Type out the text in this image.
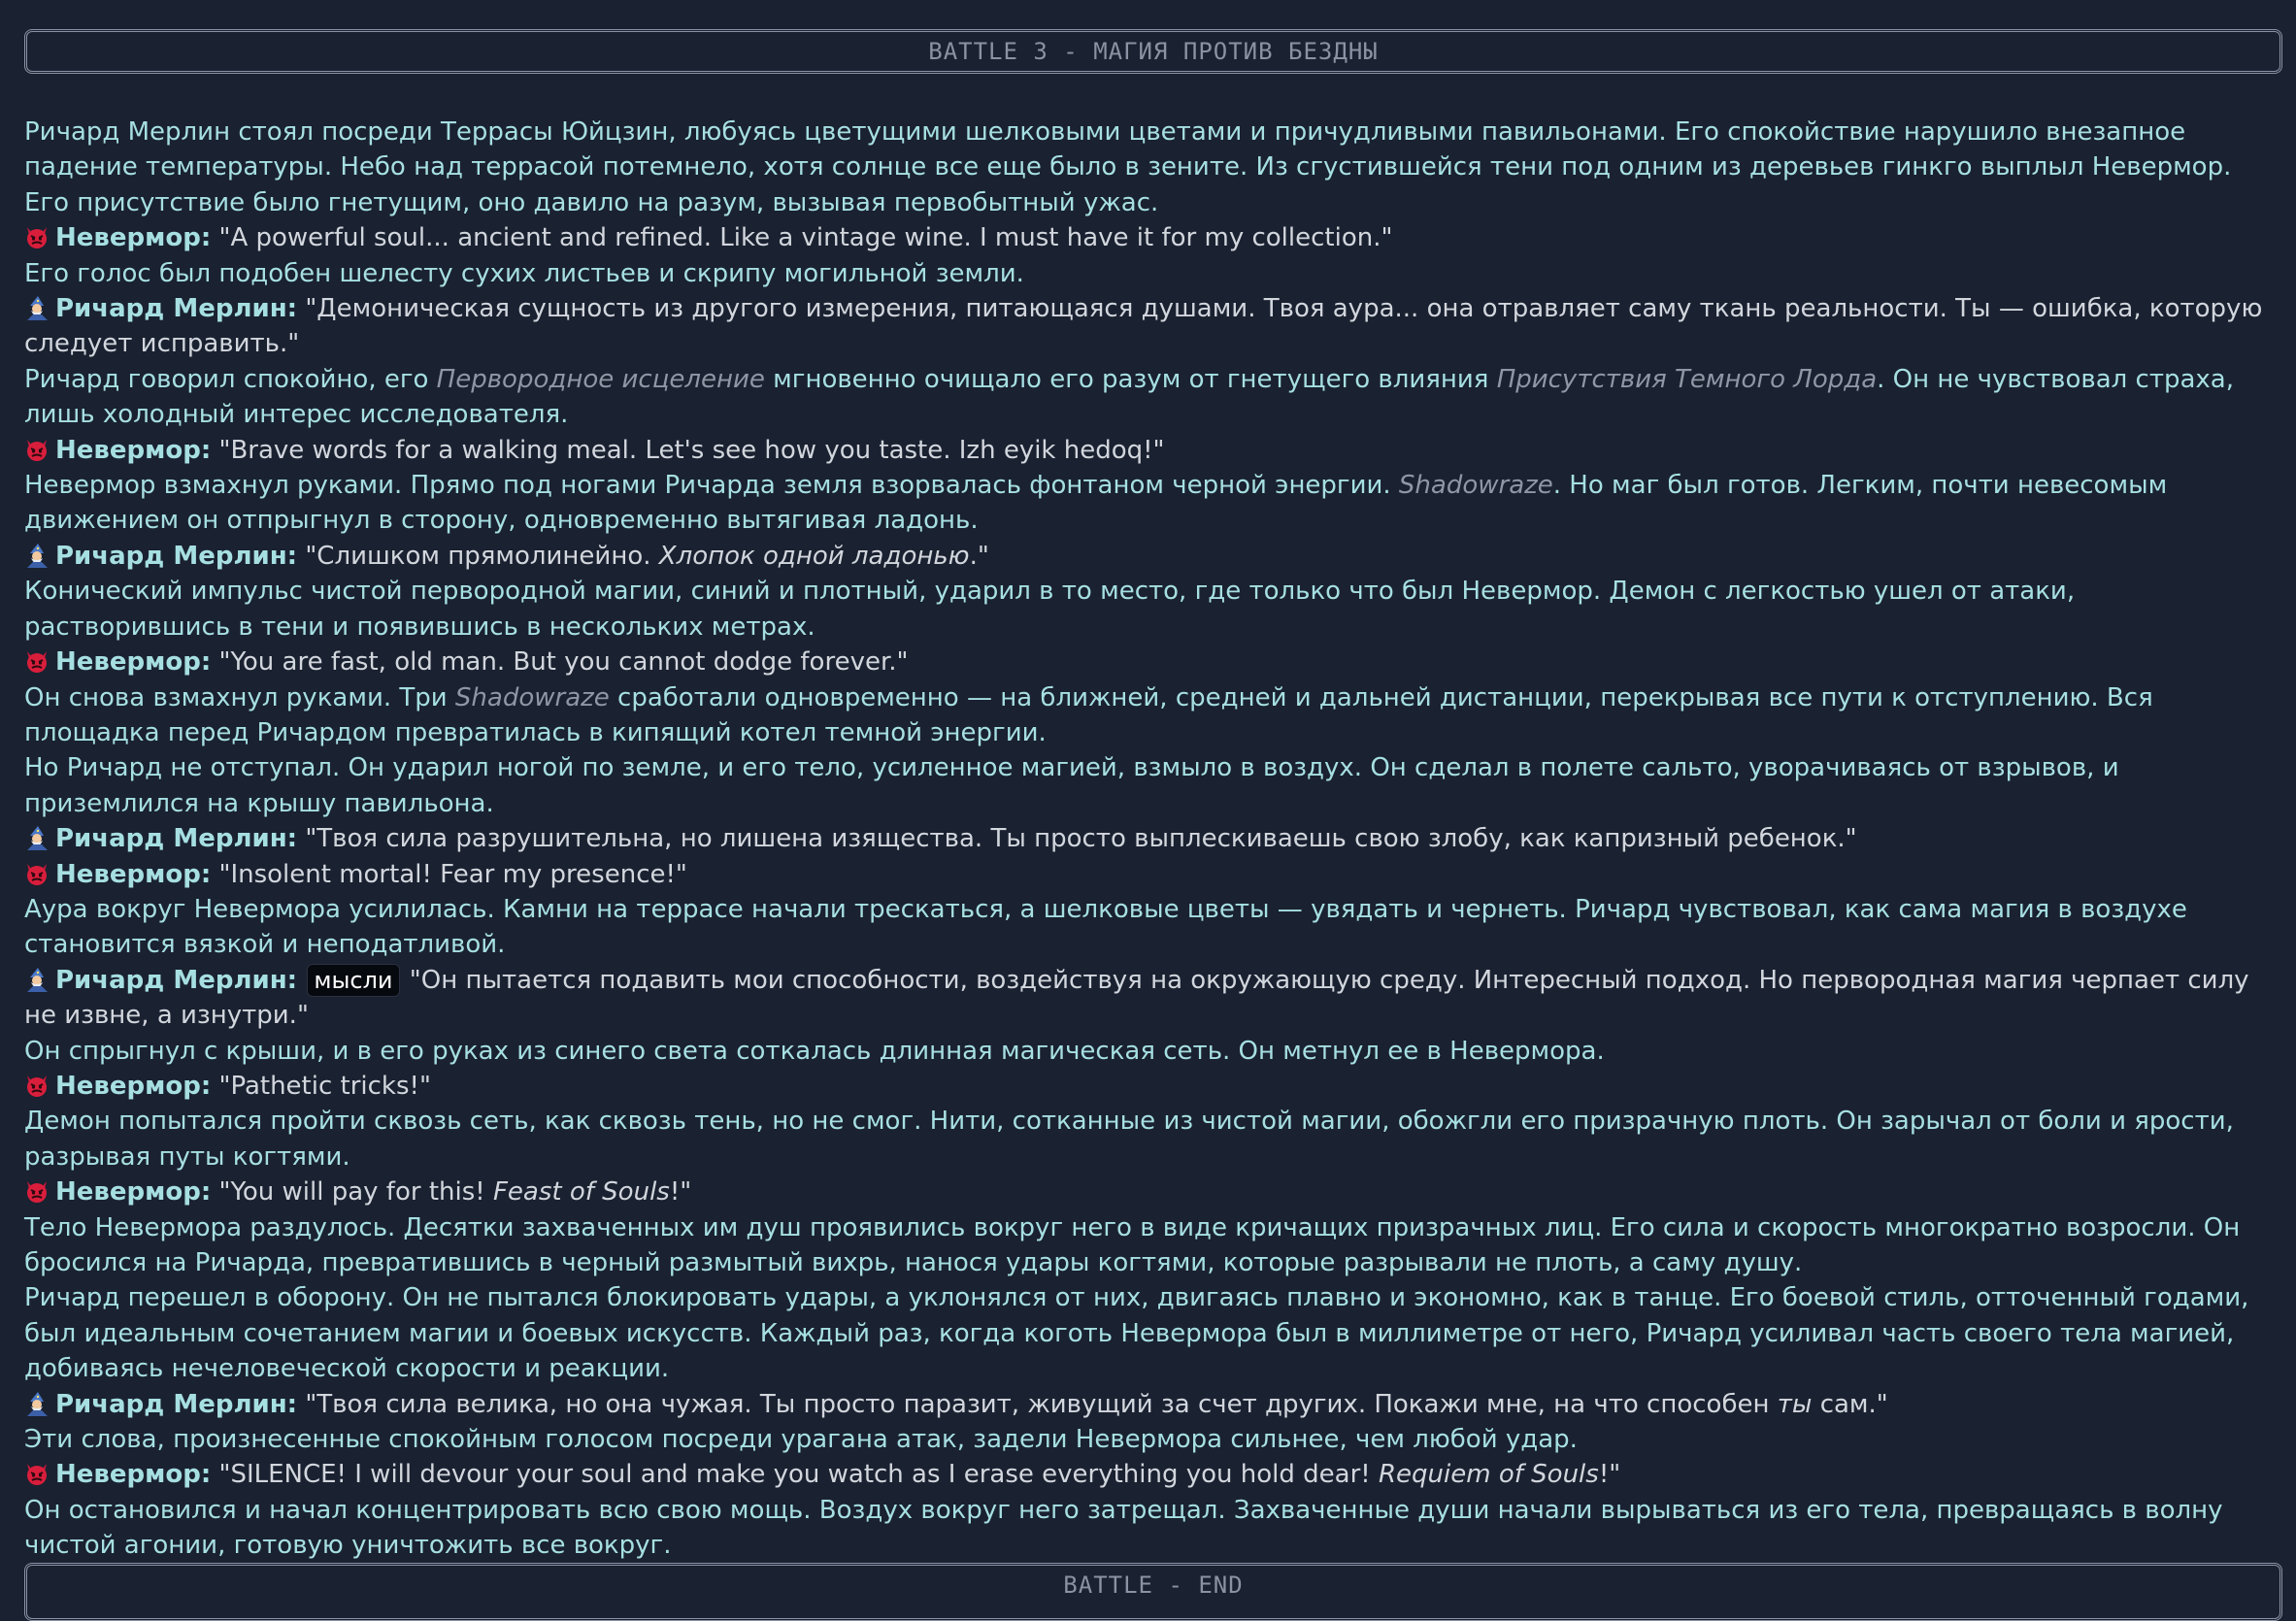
BATTLE 3 - МАГИЯ ПРОТИВ БЕЗДНЫ

Ричард Мерлин стоял посреди Террасы Юйцзин, любуясь цветущими шелковыми цветами и причудливыми павильонами. Его спокойствие нарушило внезапное падение температуры. Небо над террасой потемнело, хотя солнце все еще было в зените. Из сгустившейся тени под одним из деревьев гинкго выплыл Невермор. Его присутствие было гнетущим, оно давило на разум, вызывая первобытный ужас.

Невермор: "A powerful soul... ancient and refined. Like a vintage wine. I must have it for my collection."

Его голос был подобен шелесту сухих листьев и скрипу могильной земли.

Ричард Мерлин: "Демоническая сущность из другого измерения, питающаяся душами. Твоя аура... она отравляет саму ткань реальности. Ты — ошибка, которую следует исправить."

Ричард говорил спокойно, его Первородное исцеление мгновенно очищало его разум от гнетущего влияния Присутствия Темного Лорда. Он не чувствовал страха, лишь холодный интерес исследователя.

Невермор: "Brave words for a walking meal. Let's see how you taste. Izh eyik hedoq!"

Невермор взмахнул руками. Прямо под ногами Ричарда земля взорвалась фонтаном черной энергии. Shadowraze. Но маг был готов. Легким, почти невесомым движением он отпрыгнул в сторону, одновременно вытягивая ладонь.

Ричард Мерлин: "Слишком прямолинейно. Хлопок одной ладонью."

Конический импульс чистой первородной магии, синий и плотный, ударил в то место, где только что был Невермор. Демон с легкостью ушел от атаки, растворившись в тени и появившись в нескольких метрах.

Невермор: "You are fast, old man. But you cannot dodge forever."

Он снова взмахнул руками. Три Shadowraze сработали одновременно — на ближней, средней и дальней дистанции, перекрывая все пути к отступлению. Вся площадка перед Ричардом превратилась в кипящий котел темной энергии.

Но Ричард не отступал. Он ударил ногой по земле, и его тело, усиленное магией, взмыло в воздух. Он сделал в полете сальто, уворачиваясь от взрывов, и приземлился на крышу павильона.

Ричард Мерлин: "Твоя сила разрушительна, но лишена изящества. Ты просто выплескиваешь свою злобу, как капризный ребенок."

Невермор: "Insolent mortal! Fear my presence!"

Аура вокруг Невермора усилилась. Камни на террасе начали трескаться, а шелковые цветы — увядать и чернеть. Ричард чувствовал, как сама магия в воздухе становится вязкой и неподатливой.

Ричард Мерлин: мысли "Он пытается подавить мои способности, воздействуя на окружающую среду. Интересный подход. Но первородная магия черпает силу не извне, а изнутри."

Он спрыгнул с крыши, и в его руках из синего света соткалась длинная магическая сеть. Он метнул ее в Невермора.

Невермор: "Pathetic tricks!"

Демон попытался пройти сквозь сеть, как сквозь тень, но не смог. Нити, сотканные из чистой магии, обожгли его призрачную плоть. Он зарычал от боли и ярости, разрывая путы когтями.

Невермор: "You will pay for this! Feast of Souls!"

Тело Невермора раздулось. Десятки захваченных им душ проявились вокруг него в виде кричащих призрачных лиц. Его сила и скорость многократно возросли. Он бросился на Ричарда, превратившись в черный размытый вихрь, нанося удары когтями, которые разрывали не плоть, а саму душу.

Ричард перешел в оборону. Он не пытался блокировать удары, а уклонялся от них, двигаясь плавно и экономно, как в танце. Его боевой стиль, отточенный годами, был идеальным сочетанием магии и боевых искусств. Каждый раз, когда коготь Невермора был в миллиметре от него, Ричард усиливал часть своего тела магией, добиваясь нечеловеческой скорости и реакции.

Ричард Мерлин: "Твоя сила велика, но она чужая. Ты просто паразит, живущий за счет других. Покажи мне, на что способен ты сам."

Эти слова, произнесенные спокойным голосом посреди урагана атак, задели Невермора сильнее, чем любой удар.

Невермор: "SILENCE! I will devour your soul and make you watch as I erase everything you hold dear! Requiem of Souls!"

Он остановился и начал концентрировать всю свою мощь. Воздух вокруг него затрещал. Захваченные души начали вырываться из его тела, превращаясь в волну чистой агонии, готовую уничтожить все вокруг.

BATTLE - END
